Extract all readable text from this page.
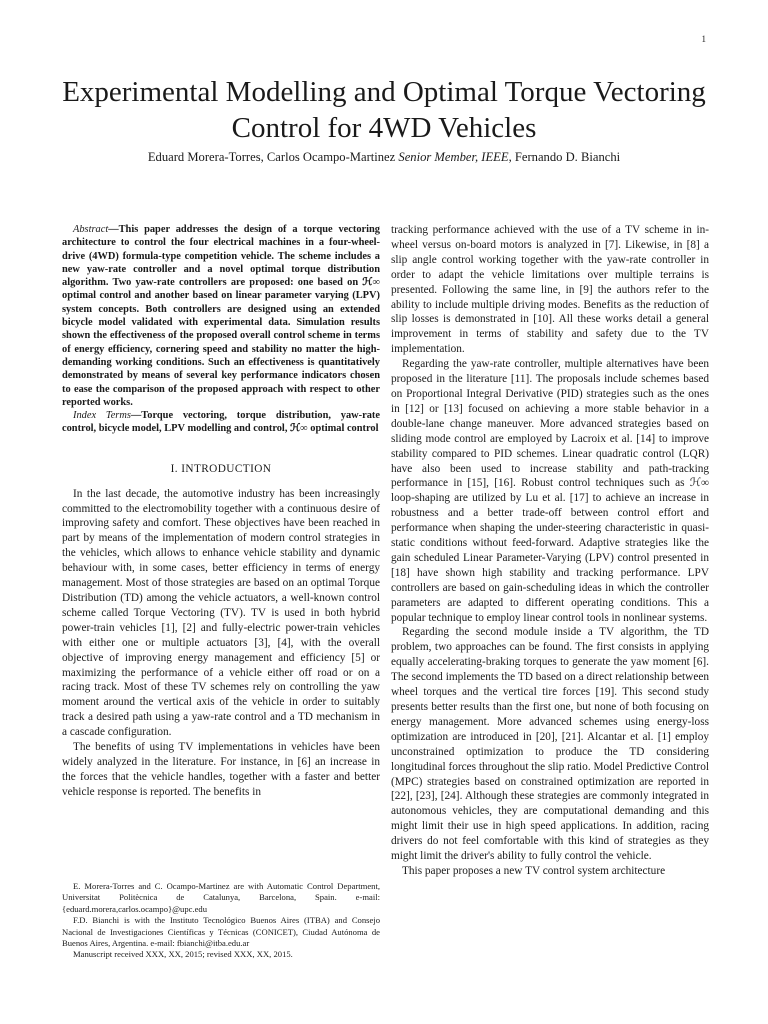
1
Experimental Modelling and Optimal Torque Vectoring Control for 4WD Vehicles

Eduard Morera-Torres, Carlos Ocampo-Martinez Senior Member, IEEE, Fernando D. Bianchi

Abstract—This paper addresses the design of a torque vectoring architecture to control the four electrical machines in a four-wheel-drive (4WD) formula-type competition vehicle. The scheme includes a new yaw-rate controller and a novel optimal torque distribution algorithm. Two yaw-rate controllers are proposed: one based on ℋ∞ optimal control and another based on linear parameter varying (LPV) system concepts. Both controllers are designed using an extended bicycle model validated with experimental data. Simulation results shown the effectiveness of the proposed overall control scheme in terms of energy efficiency, cornering speed and stability no matter the high-demanding working conditions. Such an effectiveness is quantitatively demonstrated by means of several key performance indicators chosen to ease the comparison of the proposed approach with respect to other reported works.

Index Terms—Torque vectoring, torque distribution, yaw-rate control, bicycle model, LPV modelling and control, ℋ∞ optimal control

I. INTRODUCTION

In the last decade, the automotive industry has been increasingly committed to the electromobility together with a continuous desire of improving safety and comfort. These objectives have been reached in part by means of the implementation of modern control strategies in the vehicles, which allows to enhance vehicle stability and dynamic behaviour with, in some cases, better efficiency in terms of energy management. Most of those strategies are based on an optimal Torque Distribution (TD) among the vehicle actuators, a well-known control scheme called Torque Vectoring (TV). TV is used in both hybrid power-train vehicles [1], [2] and fully-electric power-train vehicles with either one or multiple actuators [3], [4], with the overall objective of improving energy management and efficiency [5] or maximizing the performance of a vehicle either off road or on a racing track. Most of these TV schemes rely on controlling the yaw moment around the vertical axis of the vehicle in order to suitably track a desired path using a yaw-rate control and a TD mechanism in a cascade configuration.

The benefits of using TV implementations in vehicles have been widely analyzed in the literature. For instance, in [6] an increase in the forces that the vehicle handles, together with a faster and better vehicle response is reported. The benefits in

tracking performance achieved with the use of a TV scheme in in-wheel versus on-board motors is analyzed in [7]. Likewise, in [8] a slip angle control working together with the yaw-rate controller in order to adapt the vehicle limitations over multiple terrains is presented. Following the same line, in [9] the authors refer to the ability to include multiple driving modes. Benefits as the reduction of slip losses is demonstrated in [10]. All these works detail a general improvement in terms of stability and safety due to the TV implementation.

Regarding the yaw-rate controller, multiple alternatives have been proposed in the literature [11]. The proposals include schemes based on Proportional Integral Derivative (PID) strategies such as the ones in [12] or [13] focused on achieving a more stable behavior in a double-lane change maneuver. More advanced strategies based on sliding mode control are employed by Lacroix et al. [14] to improve stability compared to PID schemes. Linear quadratic control (LQR) have also been used to increase stability and path-tracking performance in [15], [16]. Robust control techniques such as ℋ∞ loop-shaping are utilized by Lu et al. [17] to achieve an increase in robustness and a better trade-off between control effort and performance when shaping the under-steering characteristic in quasi-static conditions without feed-forward. Adaptive strategies like the gain scheduled Linear Parameter-Varying (LPV) control presented in [18] have shown high stability and tracking performance. LPV controllers are based on gain-scheduling ideas in which the controller parameters are adapted to different operating conditions. This a popular technique to employ linear control tools in nonlinear systems.

Regarding the second module inside a TV algorithm, the TD problem, two approaches can be found. The first consists in applying equally accelerating-braking torques to generate the yaw moment [6]. The second implements the TD based on a direct relationship between wheel torques and the vertical tire forces [19]. This second study presents better results than the first one, but none of both focusing on energy management. More advanced schemes using energy-loss optimization are introduced in [20], [21]. Alcantar et al. [1] employ unconstrained optimization to produce the TD considering longitudinal forces throughout the slip ratio. Model Predictive Control (MPC) strategies based on constrained optimization are reported in [22], [23], [24]. Although these strategies are commonly integrated in autonomous vehicles, they are computational demanding and this might limit their use in high speed applications. In addition, racing drivers do not feel comfortable with this kind of strategies as they might limit the driver's ability to fully control the vehicle.

This paper proposes a new TV control system architecture

E. Morera-Torres and C. Ocampo-Martinez are with Automatic Control Department, Universitat Politècnica de Catalunya, Barcelona, Spain. e-mail: {eduard.morera,carlos.ocampo}@upc.edu

F.D. Bianchi is with the Instituto Tecnológico Buenos Aires (ITBA) and Consejo Nacional de Investigaciones Científicas y Técnicas (CONICET), Ciudad Autónoma de Buenos Aires, Argentina. e-mail: fbianchi@itba.edu.ar

Manuscript received XXX, XX, 2015; revised XXX, XX, 2015.
